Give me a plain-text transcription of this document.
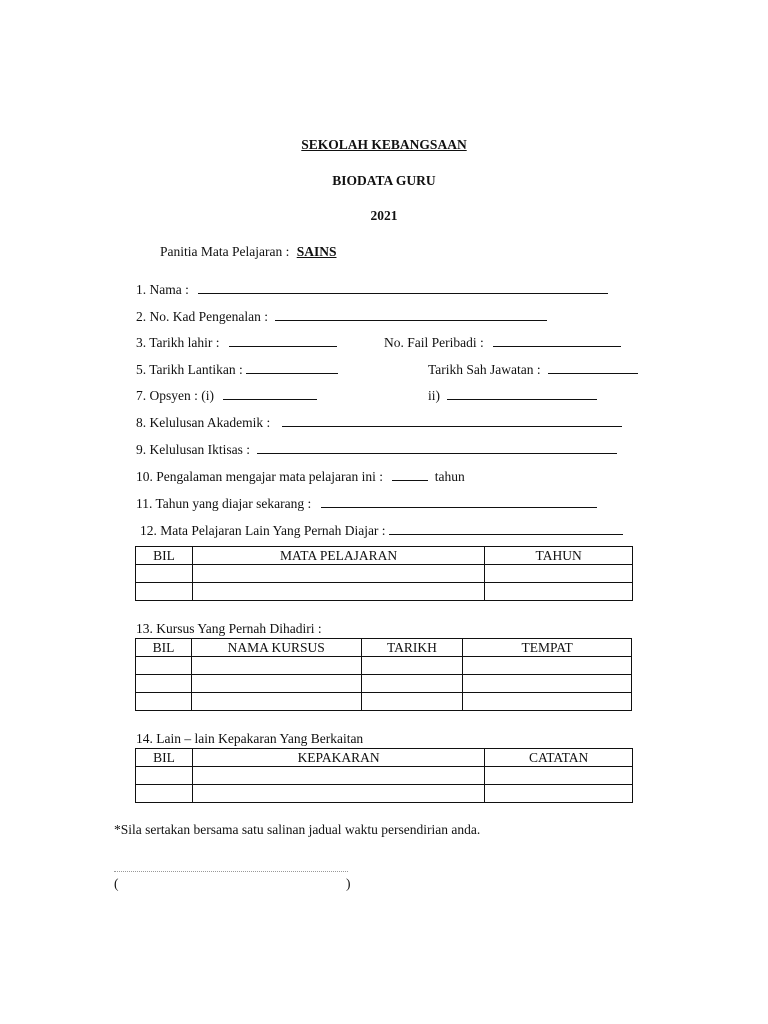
SEKOLAH KEBANGSAAN
BIODATA GURU
2021
Panitia Mata Pelajaran : SAINS
1. Nama :
2. No. Kad Pengenalan :
3. Tarikh lahir :	No. Fail Peribadi :
5. Tarikh Lantikan :	Tarikh Sah Jawatan :
7. Opsyen : (i)	ii)
8. Kelulusan Akademik :
9. Kelulusan Iktisas :
10. Pengalaman mengajar mata pelajaran ini :	tahun
11. Tahun yang diajar sekarang :
12. Mata Pelajaran Lain Yang Pernah Diajar :
BIL	MATA PELAJARAN	TAHUN

13. Kursus Yang Pernah Dihadiri :
BIL	NAMA KURSUS	TARIKH	TEMPAT

14. Lain – lain Kepakaran Yang Berkaitan
BIL	KEPAKARAN	CATATAN

*Sila sertakan bersama satu salinan jadual waktu persendirian anda.
(	)
